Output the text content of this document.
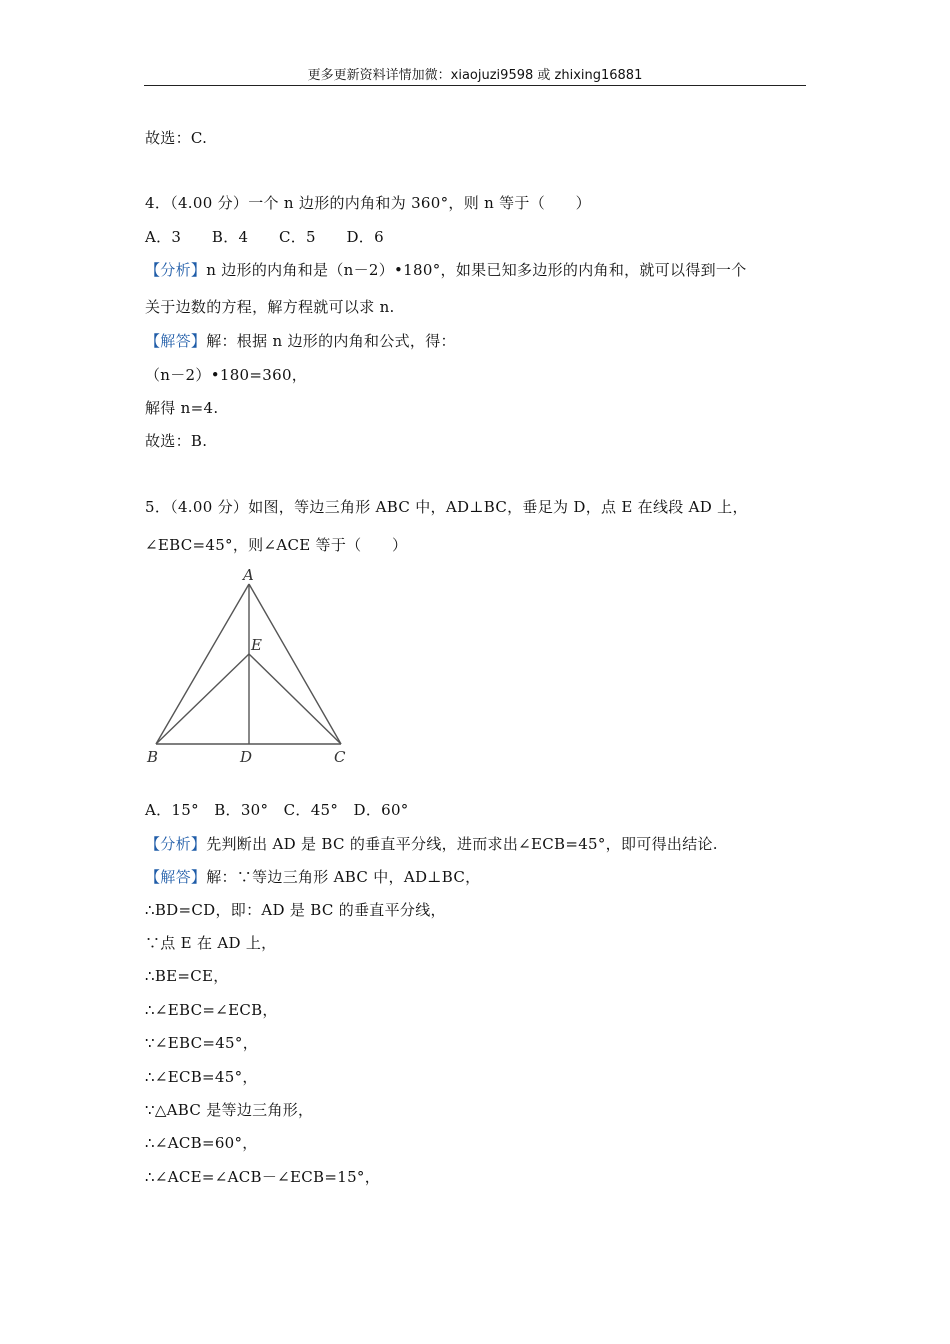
更多更新资料详情加微：xiaojuzi9598 或 zhixing16881
故选：C.
4．（4.00 分）一个 n 边形的内角和为 360°，则 n 等于（　　）
A．3　　B．4　　C．5　　D．6
【分析】n 边形的内角和是（n－2）•180°，如果已知多边形的内角和，就可以得到一个
关于边数的方程，解方程就可以求 n.
【解答】解：根据 n 边形的内角和公式，得：
（n－2）•180=360，
解得 n=4.
故选：B.
5．（4.00 分）如图，等边三角形 ABC 中，AD⊥BC，垂足为 D，点 E 在线段 AD 上，
∠EBC=45°，则∠ACE 等于（　　）
A
E
B	D	C
A．15°　B．30°　C．45°　D．60°
【分析】先判断出 AD 是 BC 的垂直平分线，进而求出∠ECB=45°，即可得出结论.
【解答】解：∵等边三角形 ABC 中，AD⊥BC，
∴BD=CD，即：AD 是 BC 的垂直平分线，
∵点 E 在 AD 上，
∴BE=CE，
∴∠EBC=∠ECB，
∵∠EBC=45°，
∴∠ECB=45°，
∵△ABC 是等边三角形，
∴∠ACB=60°，
∴∠ACE=∠ACB－∠ECB=15°，
